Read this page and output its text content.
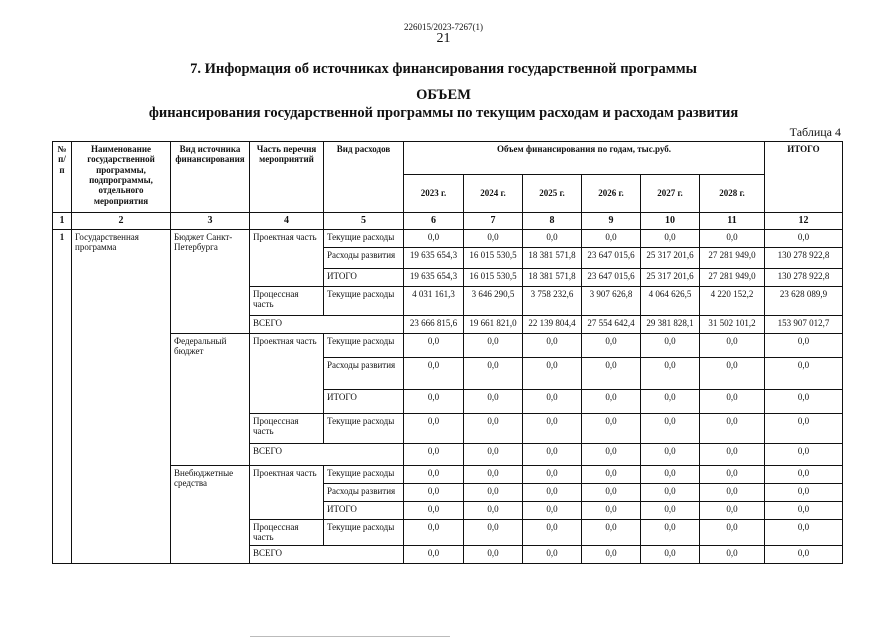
226015/2023-7267(1)
21
7. Информация об источниках финансирования государственной программы
ОБЪЕМ
финансирования государственной программы по текущим расходам и расходам развития
Таблица 4
№ п/п	Наименование государственной программы, подпрограммы, отдельного мероприятия	Вид источника финансирования	Часть перечня мероприятий	Вид расходов	Объем финансирования по годам, тыс.руб.						ИТОГО
					2023 г.	2024 г.	2025 г.	2026 г.	2027 г.	2028 г.	
1	2	3	4	5	6	7	8	9	10	11	12
1	Государственная программа	Бюджет Санкт-Петербурга	Проектная часть	Текущие расходы	0,0	0,0	0,0	0,0	0,0	0,0	0,0
				Расходы развития	19 635 654,3	16 015 530,5	18 381 571,8	23 647 015,6	25 317 201,6	27 281 949,0	130 278 922,8
				ИТОГО	19 635 654,3	16 015 530,5	18 381 571,8	23 647 015,6	25 317 201,6	27 281 949,0	130 278 922,8
			Процессная часть	Текущие расходы	4 031 161,3	3 646 290,5	3 758 232,6	3 907 626,8	4 064 626,5	4 220 152,2	23 628 089,9
			ВСЕГО		23 666 815,6	19 661 821,0	22 139 804,4	27 554 642,4	29 381 828,1	31 502 101,2	153 907 012,7
		Федеральный бюджет	Проектная часть	Текущие расходы	0,0	0,0	0,0	0,0	0,0	0,0	0,0
				Расходы развития	0,0	0,0	0,0	0,0	0,0	0,0	0,0
				ИТОГО	0,0	0,0	0,0	0,0	0,0	0,0	0,0
			Процессная часть	Текущие расходы	0,0	0,0	0,0	0,0	0,0	0,0	0,0
			ВСЕГО		0,0	0,0	0,0	0,0	0,0	0,0	0,0
		Внебюджетные средства	Проектная часть	Текущие расходы	0,0	0,0	0,0	0,0	0,0	0,0	0,0
				Расходы развития	0,0	0,0	0,0	0,0	0,0	0,0	0,0
				ИТОГО	0,0	0,0	0,0	0,0	0,0	0,0	0,0
			Процессная часть	Текущие расходы	0,0	0,0	0,0	0,0	0,0	0,0	0,0
			ВСЕГО		0,0	0,0	0,0	0,0	0,0	0,0	0,0
